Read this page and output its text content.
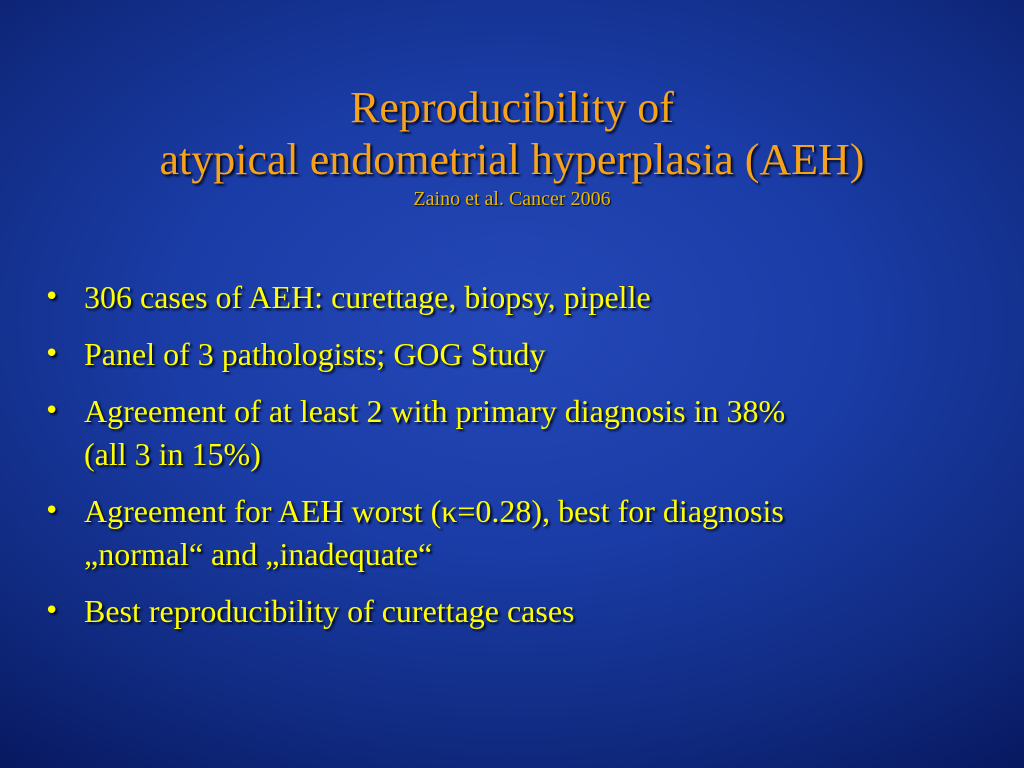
Reproducibility of
atypical endometrial hyperplasia (AEH)
Zaino et al. Cancer 2006
• 306 cases of AEH: curettage, biopsy, pipelle
• Panel of 3 pathologists; GOG Study
• Agreement of at least 2 with primary diagnosis in 38%
(all 3 in 15%)
• Agreement for AEH worst (κ=0.28), best for diagnosis
„normal“ and „inadequate“
• Best reproducibility of curettage cases
